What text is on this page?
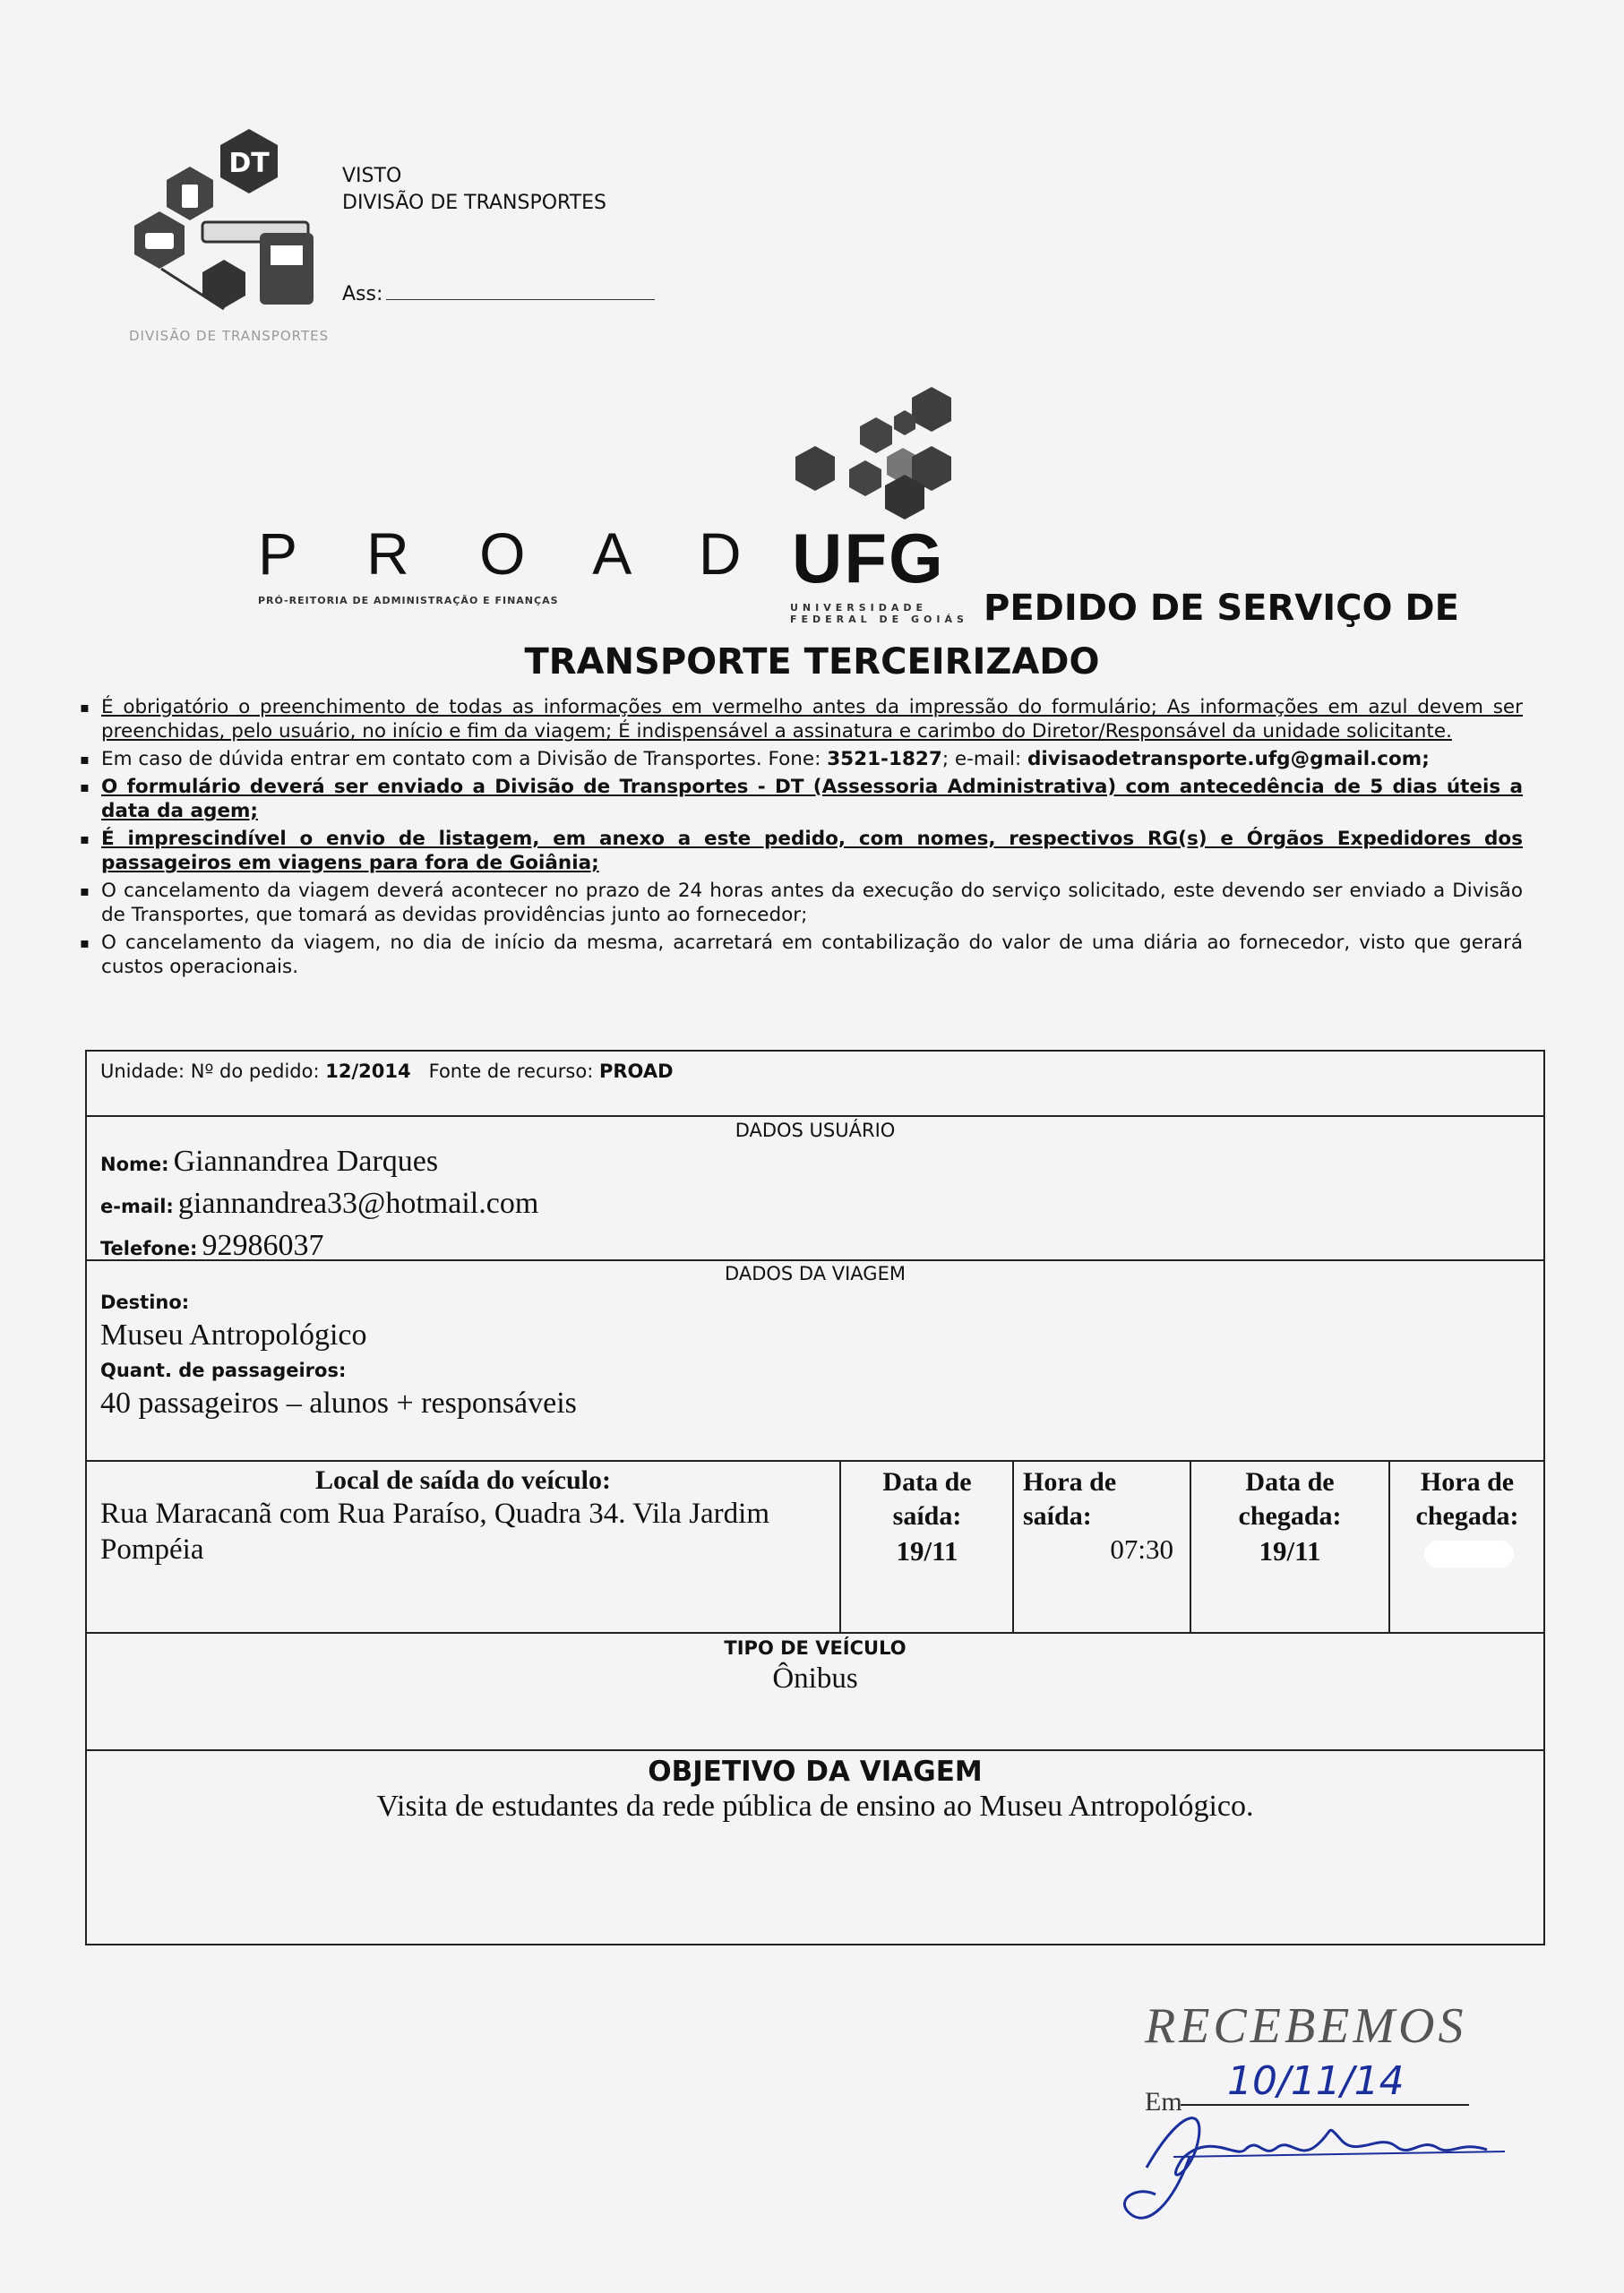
DT	VISTO
DIVISÃO DE TRANSPORTES
Ass:
DIVISÃO DE TRANSPORTES
P R O A D
PRÓ-REITORIA DE ADMINISTRAÇÃO E FINANÇAS
UFG
UNIVERSIDADE
FEDERAL DE GOIÁS PEDIDO DE SERVIÇO DE
TRANSPORTE TERCEIRIZADO
▪ É obrigatório o preenchimento de todas as informações em vermelho antes da impressão do formulário; As informações em azul devem ser preenchidas, pelo usuário, no início e fim da viagem; É indispensável a assinatura e carimbo do Diretor/Responsável da unidade solicitante.
▪ Em caso de dúvida entrar em contato com a Divisão de Transportes. Fone: 3521-1827; e-mail: divisaodetransporte.ufg@gmail.com;
▪ O formulário deverá ser enviado a Divisão de Transportes - DT (Assessoria Administrativa) com antecedência de 5 dias úteis a data da agem;
▪ É imprescindível o envio de listagem, em anexo a este pedido, com nomes, respectivos RG(s) e Órgãos Expedidores dos passageiros em viagens para fora de Goiânia;
▪ O cancelamento da viagem deverá acontecer no prazo de 24 horas antes da execução do serviço solicitado, este devendo ser enviado a Divisão de Transportes, que tomará as devidas providências junto ao fornecedor;
▪ O cancelamento da viagem, no dia de início da mesma, acarretará em contabilização do valor de uma diária ao fornecedor, visto que gerará custos operacionais.
Unidade: Nº do pedido: 12/2014 Fonte de recurso: PROAD
DADOS USUÁRIO
Nome: Giannandrea Darques
e-mail: giannandrea33@hotmail.com
Telefone: 92986037
DADOS DA VIAGEM
Destino:
Museu Antropológico
Quant. de passageiros:
40 passageiros – alunos + responsáveis
Local de saída do veículo:
Rua Maracanã com Rua Paraíso, Quadra 34. Vila Jardim Pompéia
Data de saída:
19/11
Hora de saída:
07:30
Data de chegada:
19/11
Hora de chegada:
TIPO DE VEÍCULO
Ônibus
OBJETIVO DA VIAGEM
Visita de estudantes da rede pública de ensino ao Museu Antropológico.
RECEBEMOS
Em 10/11/14
